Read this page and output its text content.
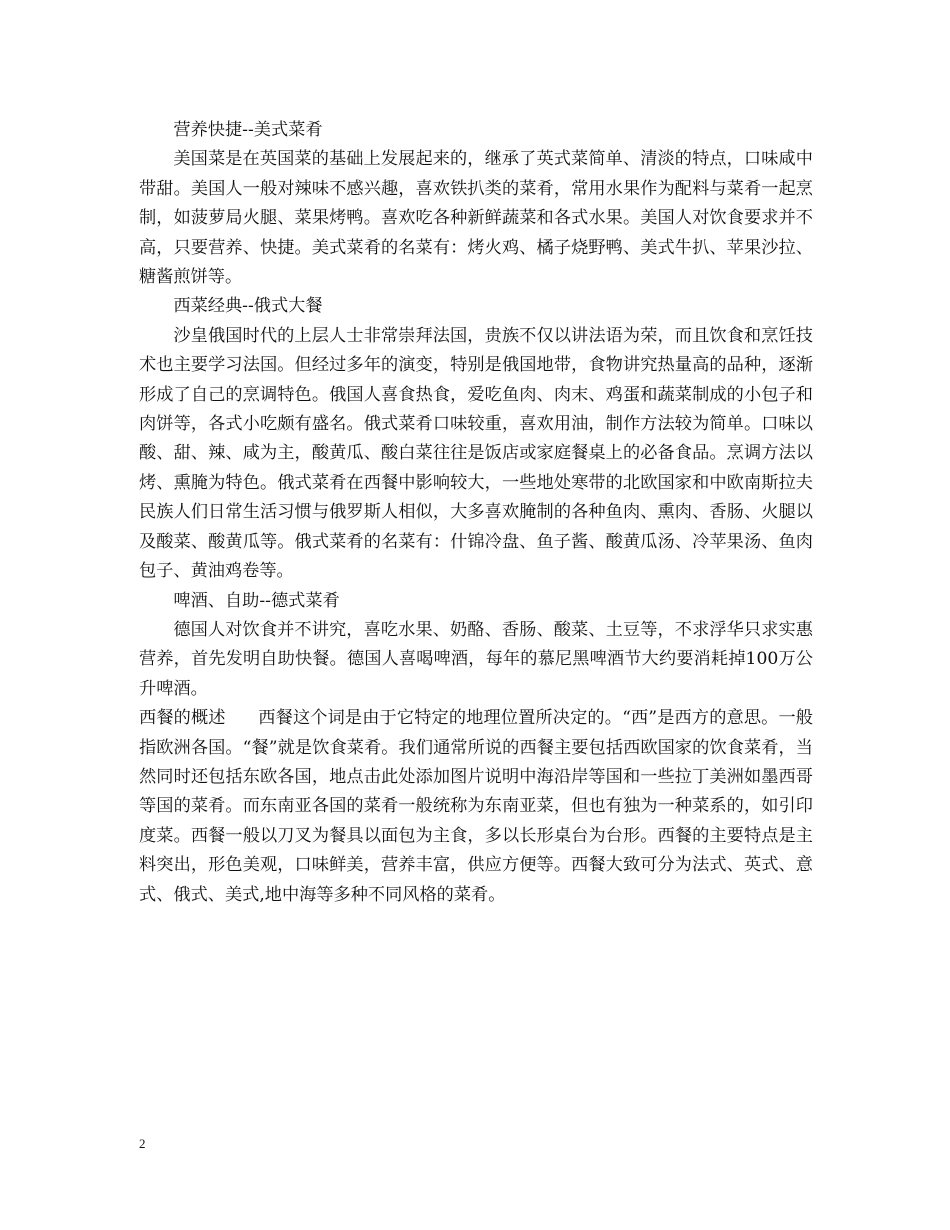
营养快捷--美式菜肴

美国菜是在英国菜的基础上发展起来的，继承了英式菜简单、清淡的特点，口味咸中带甜。美国人一般对辣味不感兴趣，喜欢铁扒类的菜肴，常用水果作为配料与菜肴一起烹制，如菠萝局火腿、菜果烤鸭。喜欢吃各种新鲜蔬菜和各式水果。美国人对饮食要求并不高，只要营养、快捷。美式菜肴的名菜有：烤火鸡、橘子烧野鸭、美式牛扒、苹果沙拉、糖酱煎饼等。

西菜经典--俄式大餐

沙皇俄国时代的上层人士非常崇拜法国，贵族不仅以讲法语为荣，而且饮食和烹饪技术也主要学习法国。但经过多年的演变，特别是俄国地带，食物讲究热量高的品种，逐渐形成了自己的烹调特色。俄国人喜食热食，爱吃鱼肉、肉末、鸡蛋和蔬菜制成的小包子和肉饼等，各式小吃颇有盛名。俄式菜肴口味较重，喜欢用油，制作方法较为简单。口味以酸、甜、辣、咸为主，酸黄瓜、酸白菜往往是饭店或家庭餐桌上的必备食品。烹调方法以烤、熏腌为特色。俄式菜肴在西餐中影响较大，一些地处寒带的北欧国家和中欧南斯拉夫民族人们日常生活习惯与俄罗斯人相似，大多喜欢腌制的各种鱼肉、熏肉、香肠、火腿以及酸菜、酸黄瓜等。俄式菜肴的名菜有：什锦冷盘、鱼子酱、酸黄瓜汤、冷苹果汤、鱼肉包子、黄油鸡卷等。

啤酒、自助--德式菜肴

德国人对饮食并不讲究，喜吃水果、奶酪、香肠、酸菜、土豆等，不求浮华只求实惠营养，首先发明自助快餐。德国人喜喝啤酒，每年的慕尼黑啤酒节大约要消耗掉100万公升啤酒。

西餐的概述 西餐这个词是由于它特定的地理位置所决定的。“西”是西方的意思。一般指欧洲各国。“餐”就是饮食菜肴。我们通常所说的西餐主要包括西欧国家的饮食菜肴，当然同时还包括东欧各国，地点击此处添加图片说明中海沿岸等国和一些拉丁美洲如墨西哥等国的菜肴。而东南亚各国的菜肴一般统称为东南亚菜，但也有独为一种菜系的，如引印度菜。西餐一般以刀叉为餐具以面包为主食，多以长形桌台为台形。西餐的主要特点是主料突出，形色美观，口味鲜美，营养丰富，供应方便等。西餐大致可分为法式、英式、意式、俄式、美式,地中海等多种不同风格的菜肴。

2
